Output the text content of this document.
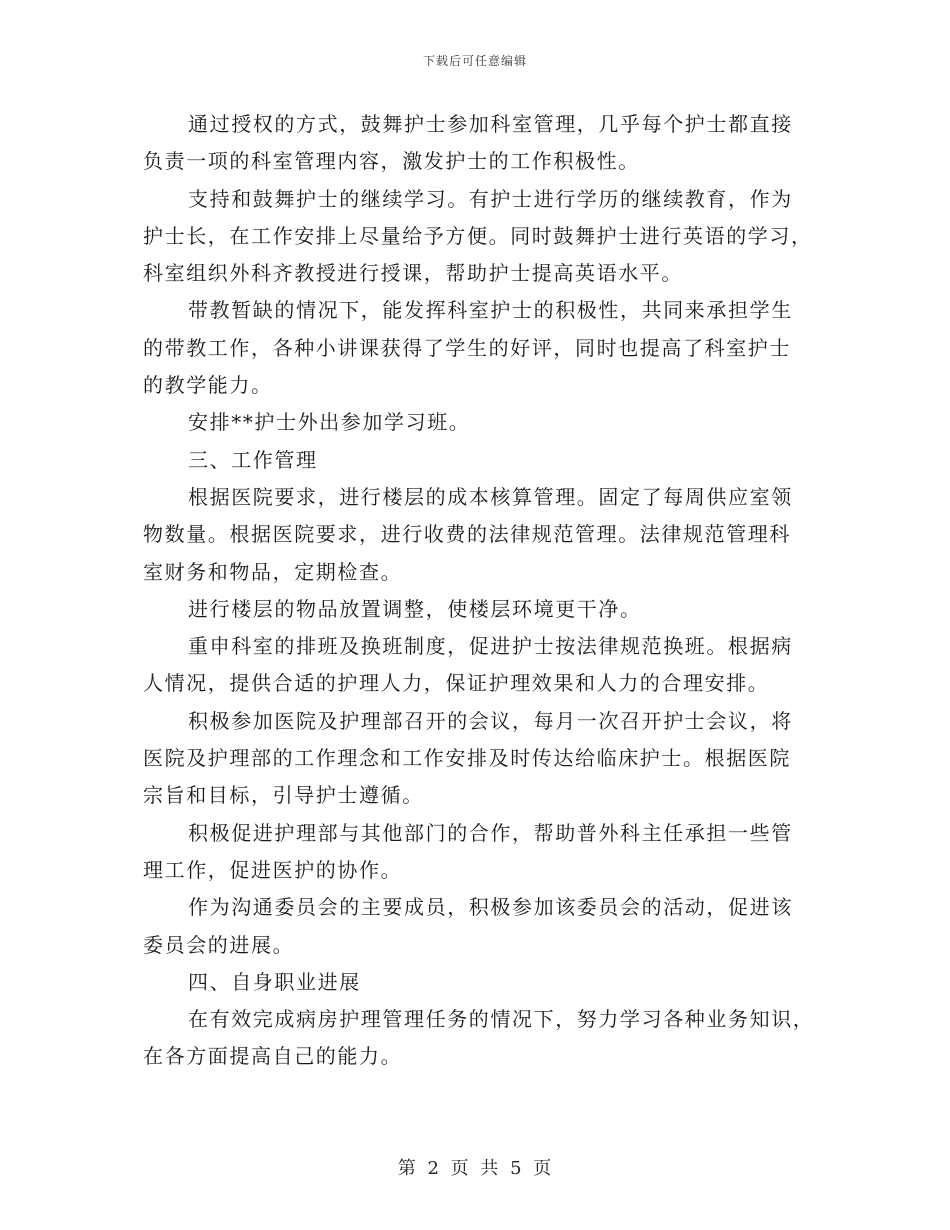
下载后可任意编辑
通过授权的方式，鼓舞护士参加科室管理，几乎每个护士都直接
负责一项的科室管理内容，激发护士的工作积极性。
支持和鼓舞护士的继续学习。有护士进行学历的继续教育，作为
护士长，在工作安排上尽量给予方便。同时鼓舞护士进行英语的学习，
科室组织外科齐教授进行授课，帮助护士提高英语水平。
带教暂缺的情况下，能发挥科室护士的积极性，共同来承担学生
的带教工作，各种小讲课获得了学生的好评，同时也提高了科室护士
的教学能力。
安排**护士外出参加学习班。
三、工作管理
根据医院要求，进行楼层的成本核算管理。固定了每周供应室领
物数量。根据医院要求，进行收费的法律规范管理。法律规范管理科
室财务和物品，定期检查。
进行楼层的物品放置调整，使楼层环境更干净。
重申科室的排班及换班制度，促进护士按法律规范换班。根据病
人情况，提供合适的护理人力，保证护理效果和人力的合理安排。
积极参加医院及护理部召开的会议，每月一次召开护士会议，将
医院及护理部的工作理念和工作安排及时传达给临床护士。根据医院
宗旨和目标，引导护士遵循。
积极促进护理部与其他部门的合作，帮助普外科主任承担一些管
理工作，促进医护的协作。
作为沟通委员会的主要成员，积极参加该委员会的活动，促进该
委员会的进展。
四、自身职业进展
在有效完成病房护理管理任务的情况下，努力学习各种业务知识，
在各方面提高自己的能力。
第 2 页 共 5 页
